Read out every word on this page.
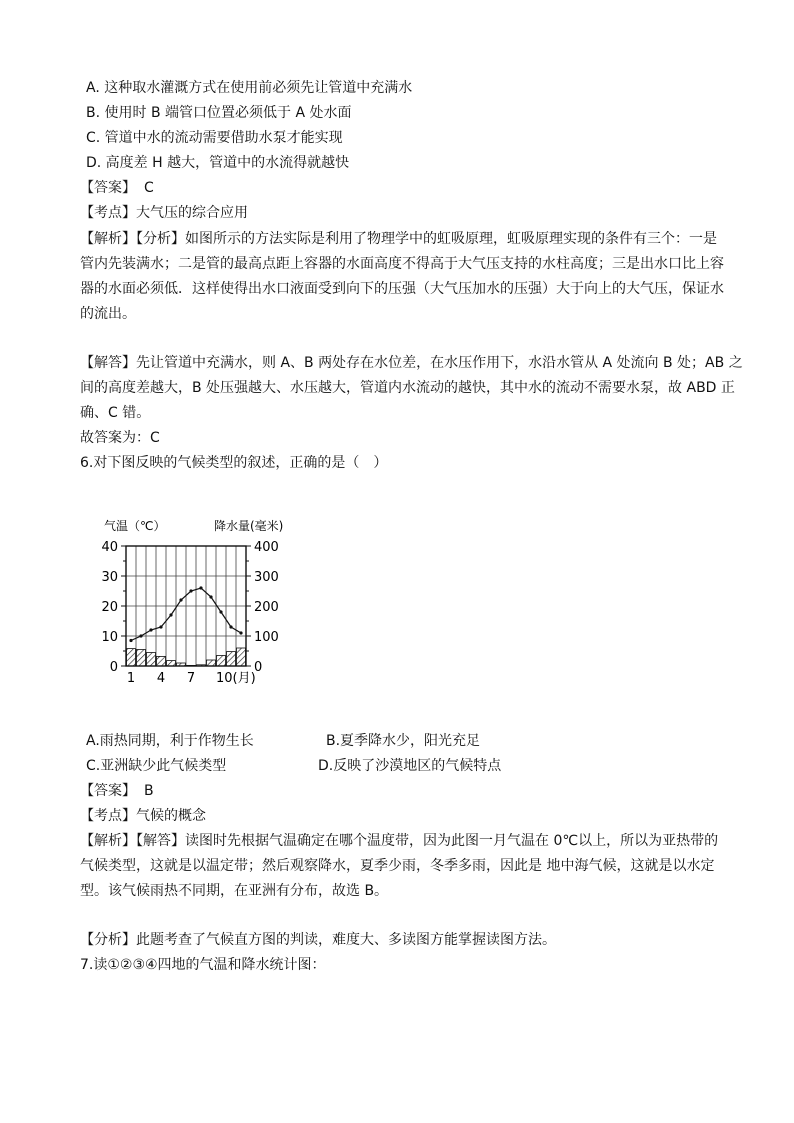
A. 这种取水灌溉方式在使用前必须先让管道中充满水
B. 使用时 B 端管口位置必须低于 A 处水面
C. 管道中水的流动需要借助水泵才能实现
D. 高度差 H 越大，管道中的水流得就越快
【答案】 C
【考点】大气压的综合应用
【解析】【分析】如图所示的方法实际是利用了物理学中的虹吸原理，虹吸原理实现的条件有三个：一是
管内先装满水；二是管的最高点距上容器的水面高度不得高于大气压支持的水柱高度；三是出水口比上容
器的水面必须低．这样使得出水口液面受到向下的压强（大气压加水的压强）大于向上的大气压，保证水
的流出。
【解答】先让管道中充满水，则 A、B 两处存在水位差，在水压作用下，水沿水管从 A 处流向 B 处；AB 之
间的高度差越大，B 处压强越大、水压越大，管道内水流动的越快，其中水的流动不需要水泵，故 ABD 正
确、C 错。
故答案为：C
6.对下图反映的气候类型的叙述，正确的是（　）
气温（℃）	降水量(毫米)
40
30
20
10
0
400
300
200
100
0
1 4 7 10(月)
A.雨热同期，利于作物生长	B.夏季降水少，阳光充足
C.亚洲缺少此气候类型	D.反映了沙漠地区的气候特点
【答案】 B
【考点】气候的概念
【解析】【解答】读图时先根据气温确定在哪个温度带，因为此图一月气温在 0℃以上，所以为亚热带的
气候类型，这就是以温定带；然后观察降水，夏季少雨，冬季多雨，因此是 地中海气候，这就是以水定
型。该气候雨热不同期，在亚洲有分布，故选 B。
【分析】此题考查了气候直方图的判读，难度大、多读图方能掌握读图方法。
7.读①②③④四地的气温和降水统计图：
